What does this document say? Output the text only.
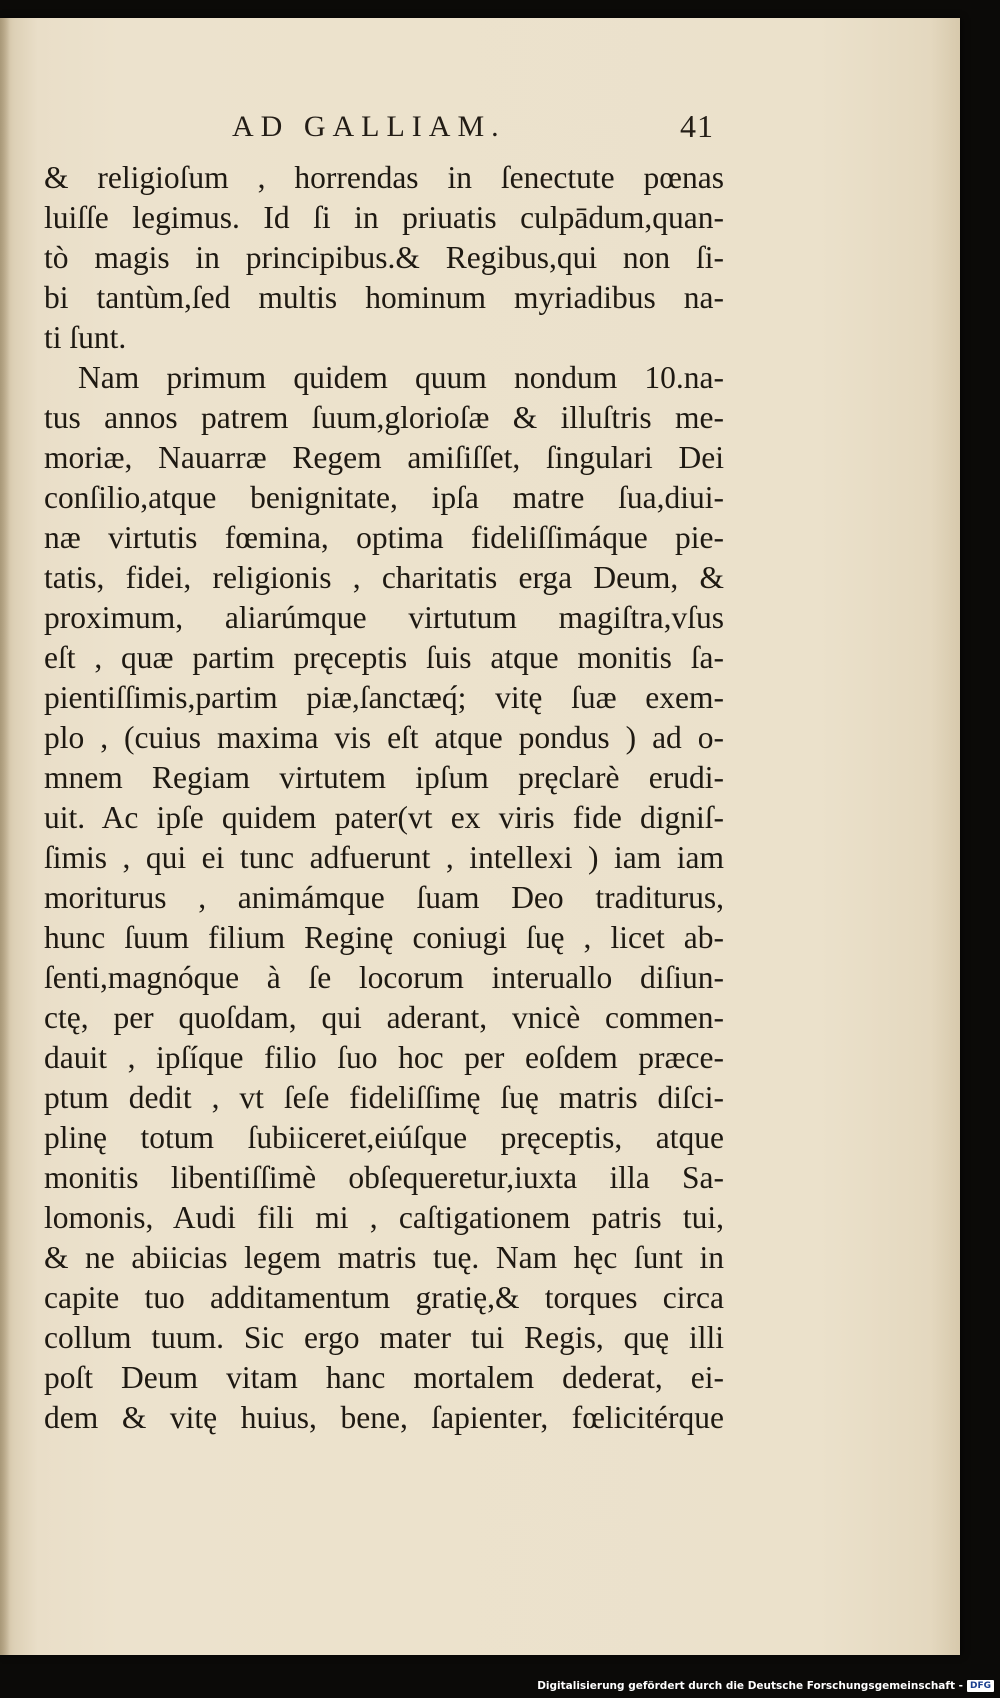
AD GALLIAM.	41
& religioſum , horrendas in ſenectute pœnas
luiſſe legimus. Id ſi in priuatis culpādum,quan-
tò magis in principibus.& Regibus,qui non ſi-
bi tantùm,ſed multis hominum myriadibus na-
ti ſunt.
Nam primum quidem quum nondum 10.na-
tus annos patrem ſuum,glorioſæ & illuſtris me-
moriæ, Nauarræ Regem amiſiſſet, ſingulari Dei
conſilio,atque benignitate, ipſa matre ſua,diui-
næ virtutis fœmina, optima fideliſſimáque pie-
tatis, fidei, religionis , charitatis erga Deum, &
proximum, aliarúmque virtutum magiſtra,vſus
eſt , quæ partim pręceptis ſuis atque monitis ſa-
pientiſſimis,partim piæ,ſanctæq́; vitę ſuæ exem-
plo , (cuius maxima vis eſt atque pondus ) ad o-
mnem Regiam virtutem ipſum pręclarè erudi-
uit. Ac ipſe quidem pater(vt ex viris fide digniſ-
ſimis , qui ei tunc adfuerunt , intellexi ) iam iam
moriturus , animámque ſuam Deo traditurus,
hunc ſuum filium Reginę coniugi ſuę , licet ab-
ſenti,magnóque à ſe locorum interuallo diſiun-
ctę, per quoſdam, qui aderant, vnicè commen-
dauit , ipſíque filio ſuo hoc per eoſdem præce-
ptum dedit , vt ſeſe fideliſſimę ſuę matris diſci-
plinę totum ſubiiceret,eiúſque pręceptis, atque
monitis libentiſſimè obſequeretur,iuxta illa Sa-
lomonis, Audi fili mi , caſtigationem patris tui,
& ne abiicias legem matris tuę. Nam hęc ſunt in
capite tuo additamentum gratię,& torques circa
collum tuum. Sic ergo mater tui Regis, quę illi
poſt Deum vitam hanc mortalem dederat, ei-
dem & vitę huius, bene, ſapienter, fœlicitérque
Digitalisierung gefördert durch die Deutsche Forschungsgemeinschaft - DFG
